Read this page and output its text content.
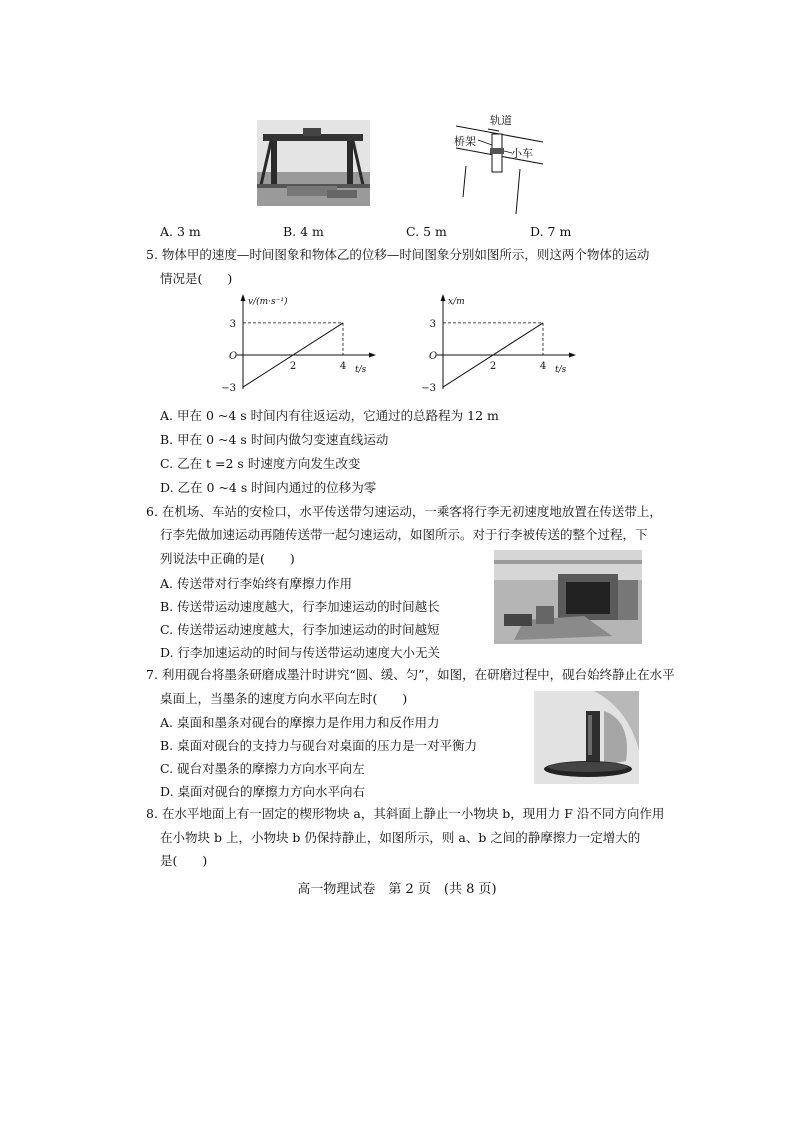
轨道
桥架
小车
A. 3 m	B. 4 m	C. 5 m	D. 7 m
5. 物体甲的速度—时间图象和物体乙的位移—时间图象分别如图所示，则这两个物体的运动
情况是(　　)
v/(m·s⁻¹)
t/s
O
3
−3
2	4
x/m
t/s
O
3
−3
2	4
A. 甲在 0 ~4 s 时间内有往返运动，它通过的总路程为 12 m
B. 甲在 0 ~4 s 时间内做匀变速直线运动
C. 乙在 t =2 s 时速度方向发生改变
D. 乙在 0 ~4 s 时间内通过的位移为零
6. 在机场、车站的安检口，水平传送带匀速运动，一乘客将行李无初速度地放置在传送带上，
行李先做加速运动再随传送带一起匀速运动，如图所示。对于行李被传送的整个过程，下
列说法中正确的是(　　)
A. 传送带对行李始终有摩擦力作用
B. 传送带运动速度越大，行李加速运动的时间越长
C. 传送带运动速度越大，行李加速运动的时间越短
D. 行李加速运动的时间与传送带运动速度大小无关
7. 利用砚台将墨条研磨成墨汁时讲究“圆、缓、匀”，如图，在研磨过程中，砚台始终静止在水平
桌面上，当墨条的速度方向水平向左时(　　)
A. 桌面和墨条对砚台的摩擦力是作用力和反作用力
B. 桌面对砚台的支持力与砚台对桌面的压力是一对平衡力
C. 砚台对墨条的摩擦力方向水平向左
D. 桌面对砚台的摩擦力方向水平向右
8. 在水平地面上有一固定的楔形物块 a，其斜面上静止一小物块 b，现用力 F 沿不同方向作用
在小物块 b 上，小物块 b 仍保持静止，如图所示，则 a、b 之间的静摩擦力一定增大的
是(　　)
高一物理试卷　第 2 页　(共 8 页)
